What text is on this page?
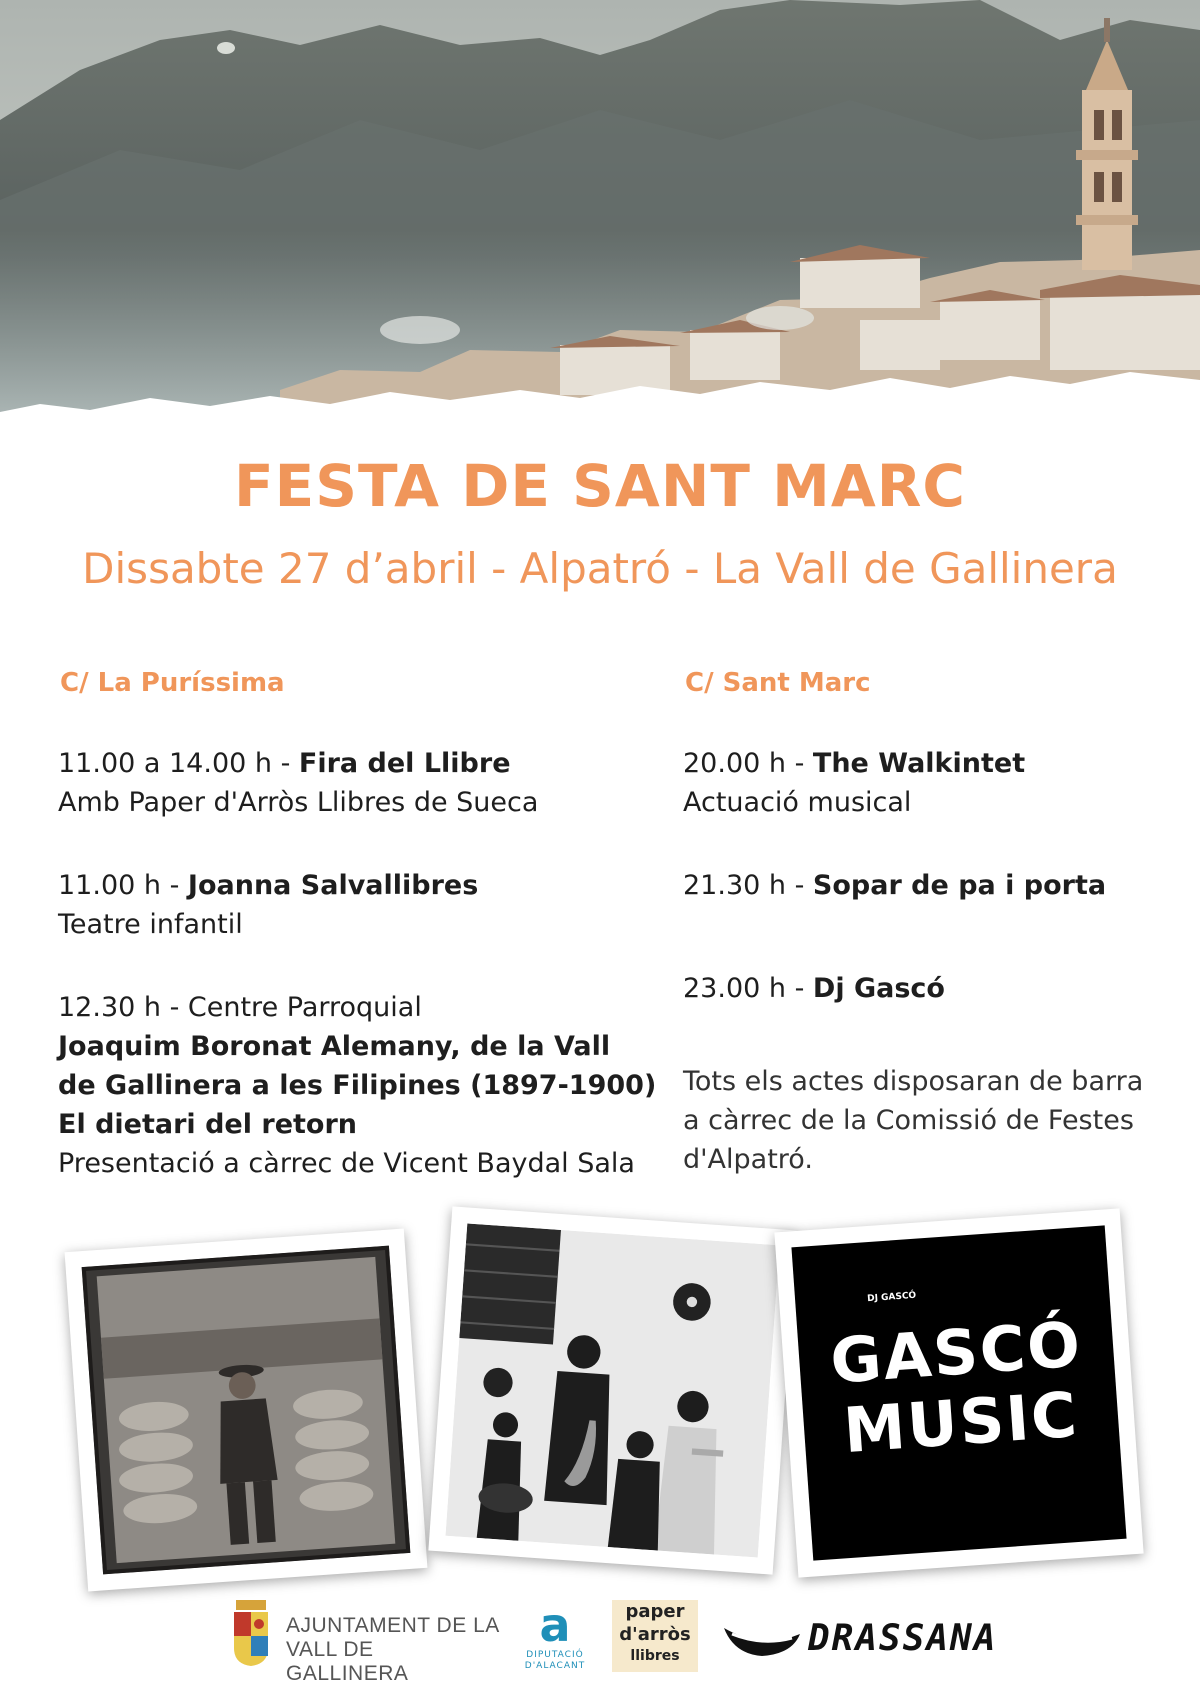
FESTA DE SANT MARC
Dissabte 27 d’abril - Alpatró - La Vall de Gallinera
C/ La Puríssima
11.00 a 14.00 h - Fira del Llibre
Amb Paper d'Arròs Llibres de Sueca
11.00 h - Joanna Salvallibres
Teatre infantil
12.30 h - Centre Parroquial
Joaquim Boronat Alemany, de la Vall
de Gallinera a les Filipines (1897-1900)
El dietari del retorn
Presentació a càrrec de Vicent Baydal Sala
C/ Sant Marc
20.00 h - The Walkintet
Actuació musical
21.30 h - Sopar de pa i porta
23.00 h - Dj Gascó
Tots els actes disposaran de barra
a càrrec de la Comissió de Festes
d'Alpatró.
DJ GASCÓ
GASCÓ
MUSIC
AJUNTAMENT DE LA
VALL DE GALLINERA
a
DIPUTACIÓ
D'ALACANT
paper
d'arròs
llibres	DRASSANA
